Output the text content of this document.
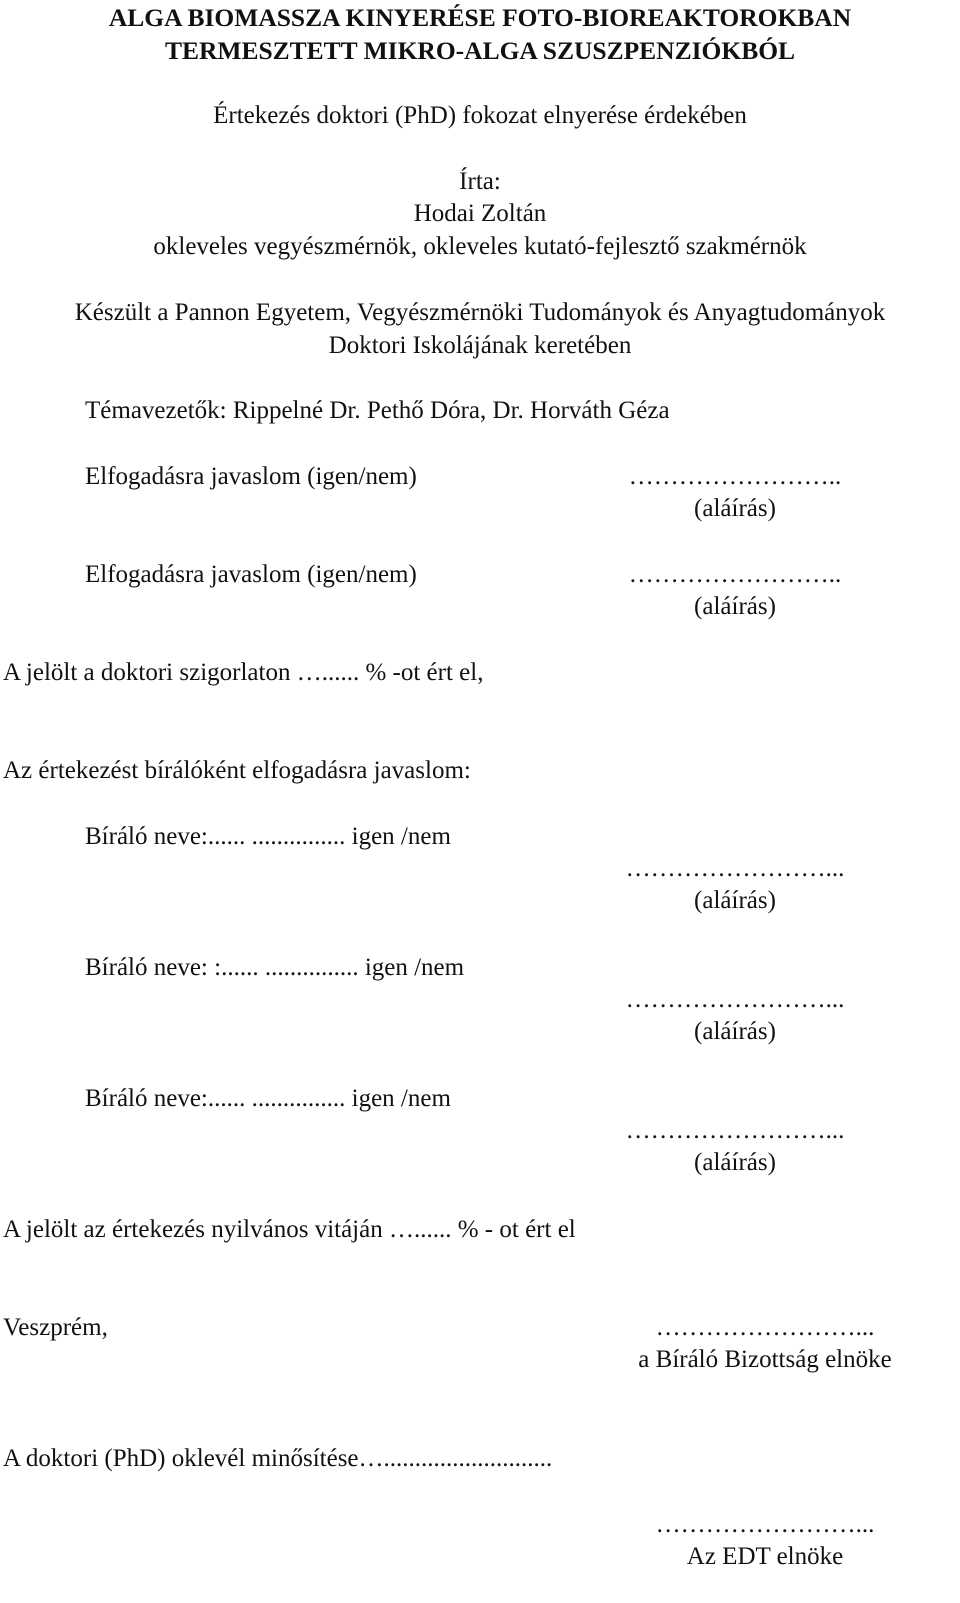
ALGA BIOMASSZA KINYERÉSE FOTO-BIOREAKTOROKBAN
TERMESZTETT MIKRO-ALGA SZUSZPENZIÓKBÓL
Értekezés doktori (PhD) fokozat elnyerése érdekében
Írta:
Hodai Zoltán
okleveles vegyészmérnök, okleveles kutató-fejlesztő szakmérnök
Készült a Pannon Egyetem, Vegyészmérnöki Tudományok és Anyagtudományok
Doktori Iskolájának keretében
Témavezetők: Rippelné Dr. Pethő Dóra, Dr. Horváth Géza
Elfogadásra javaslom (igen/nem)	……………………..
(aláírás)
Elfogadásra javaslom (igen/nem)	……………………..
(aláírás)
A jelölt a doktori szigorlaton …...... % -ot ért el,
Az értekezést bírálóként elfogadásra javaslom:
Bíráló neve:...... ............... igen /nem
……………………...
(aláírás)
Bíráló neve: :...... ............... igen /nem
……………………...
(aláírás)
Bíráló neve:...... ............... igen /nem
……………………...
(aláírás)
A jelölt az értekezés nyilvános vitáján …...... % - ot ért el
Veszprém,	……………………...
a Bíráló Bizottság elnöke
A doktori (PhD) oklevél minősítése…...........................
……………………...
Az EDT elnöke
